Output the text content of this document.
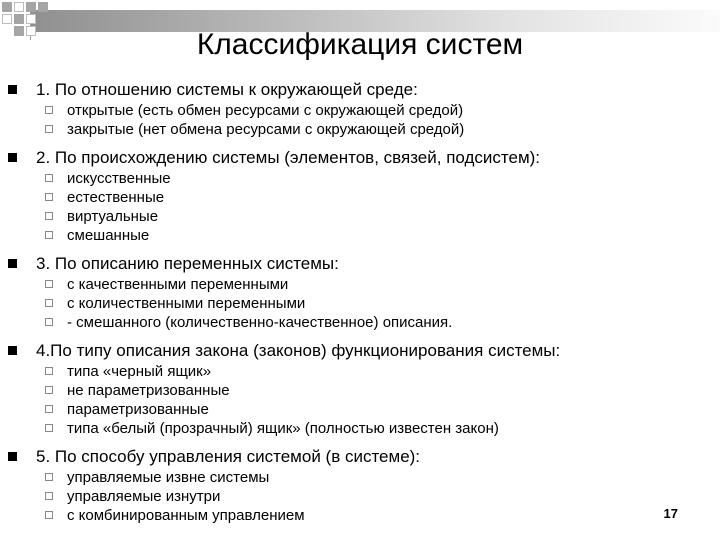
Классификация систем
1. По отношению системы к окружающей среде:
открытые (есть обмен ресурсами с окружающей средой)
закрытые (нет обмена ресурсами с окружающей средой)
2. По происхождению системы (элементов, связей, подсистем):
искусственные
естественные
виртуальные
смешанные
3. По описанию переменных системы:
с качественными переменными
с количественными переменными
- смешанного (количественно-качественное) описания.
4.По типу описания закона (законов) функционирования системы:
типа «черный ящик»
не параметризованные
параметризованные
типа «белый (прозрачный) ящик» (полностью известен закон)
5. По способу управления системой (в системе):
управляемые извне системы
управляемые изнутри
с комбинированным управлением	17
